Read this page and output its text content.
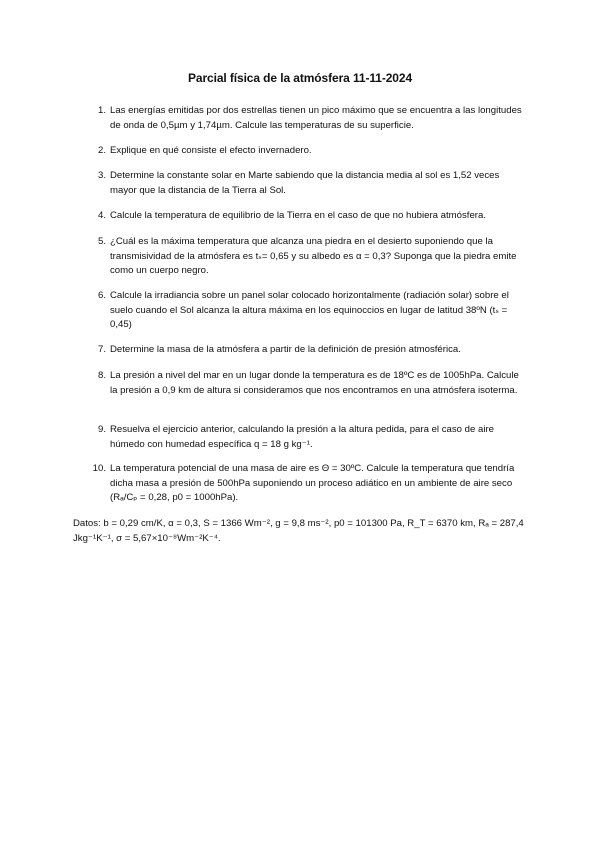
Parcial física de la atmósfera 11-11-2024
1. Las energías emitidas por dos estrellas tienen un pico máximo que se encuentra a las longitudes de onda de 0,5µm y 1,74µm. Calcule las temperaturas de su superficie.
2. Explique en qué consiste el efecto invernadero.
3. Determine la constante solar en Marte sabiendo que la distancia media al sol es 1,52 veces mayor que la distancia de la Tierra al Sol.
4. Calcule la temperatura de equilibrio de la Tierra en el caso de que no hubiera atmósfera.
5. ¿Cuál es la máxima temperatura que alcanza una piedra en el desierto suponiendo que la transmisividad de la atmósfera es tₛ= 0,65 y su albedo es α = 0,3? Suponga que la piedra emite como un cuerpo negro.
6. Calcule la irradiancia sobre un panel solar colocado horizontalmente (radiación solar) sobre el suelo cuando el Sol alcanza la altura máxima en los equinoccios en lugar de latitud 38ºN (tₛ = 0,45)
7. Determine la masa de la atmósfera a partir de la definición de presión atmosférica.
8. La presión a nivel del mar en un lugar donde la temperatura es de 18ºC es de 1005hPa. Calcule la presión a 0,9 km de altura si consideramos que nos encontramos en una atmósfera isoterma.
9. Resuelva el ejercicio anterior, calculando la presión a la altura pedida, para el caso de aire húmedo con humedad específica q = 18 g kg⁻¹.
10. La temperatura potencial de una masa de aire es Θ = 30ºC. Calcule la temperatura que tendría dicha masa a presión de 500hPa suponiendo un proceso adiático en un ambiente de aire seco (Rₐ/Cₚ = 0,28, p0 = 1000hPa).
Datos: b = 0,29 cm/K, α = 0,3, S = 1366 Wm⁻², g = 9,8 ms⁻², p0 = 101300 Pa, R_T = 6370 km, Rₐ = 287,4 Jkg⁻¹K⁻¹, σ = 5,67×10⁻⁸Wm⁻²K⁻⁴.
